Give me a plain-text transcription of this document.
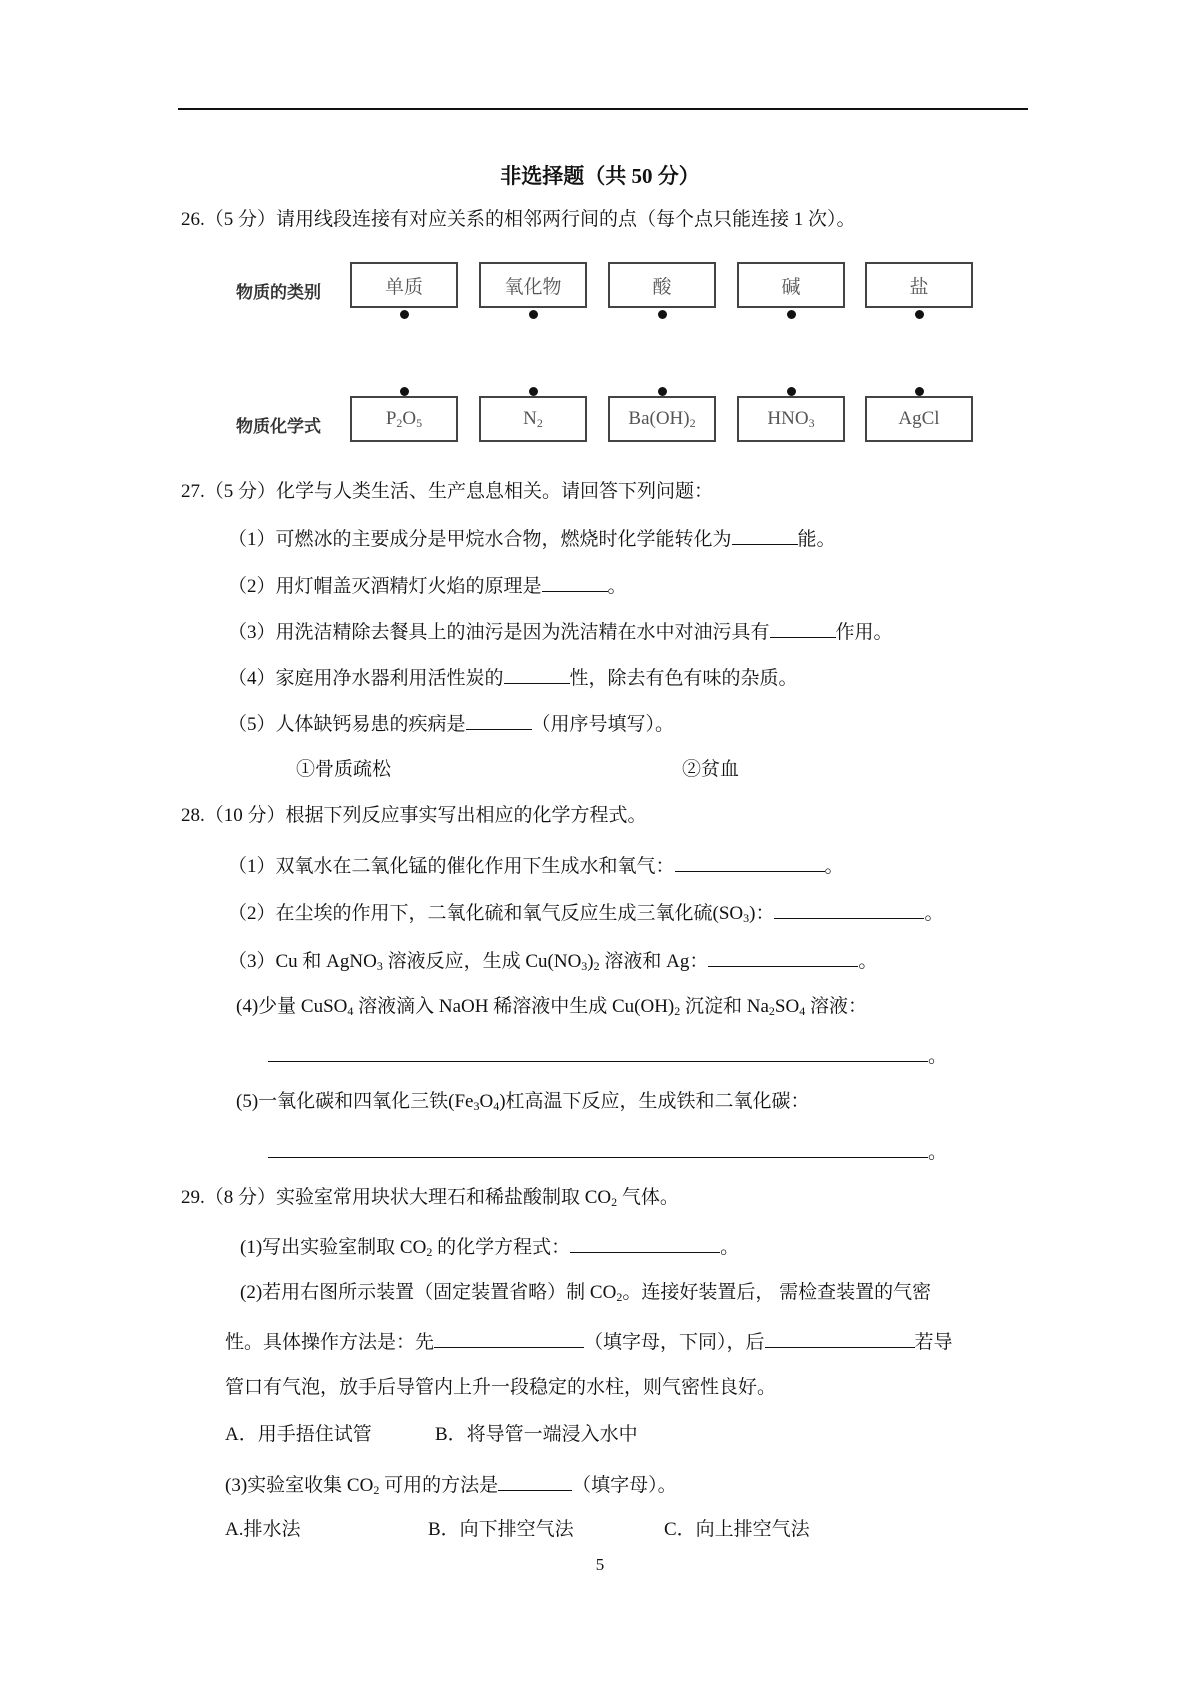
非选择题（共 50 分）
26.（5 分）请用线段连接有对应关系的相邻两行间的点（每个点只能连接 1 次）。
物质的类别
物质化学式
单质	氧化物	酸	碱	盐
$P_2O_5$	$N_2$	$Ba(OH)_2$	$HNO_3$	AgCl
27.（5 分）化学与人类生活、生产息息相关。请回答下列问题：
（1）可燃冰的主要成分是甲烷水合物，燃烧时化学能转化为	能。
（2）用灯帽盖灭酒精灯火焰的原理是	。
（3）用洗洁精除去餐具上的油污是因为洗洁精在水中对油污具有	作用。
（4）家庭用净水器利用活性炭的	性，除去有色有味的杂质。
（5）人体缺钙易患的疾病是	（用序号填写）。
①骨质疏松	②贫血
28.（10 分）根据下列反应事实写出相应的化学方程式。
（1）双氧水在二氧化锰的催化作用下生成水和氧气：	。
（2）在尘埃的作用下，二氧化硫和氧气反应生成三氧化硫$(SO_3)$：	。
（3）Cu 和 AgNO$_3$ 溶液反应，生成 $Cu(NO_3)_2$ 溶液和 Ag：	。
(4)少量 CuSO$_4$ 溶液滴入 NaOH 稀溶液中生成 $Cu(OH)_2$ 沉淀和 $Na_2SO_4$ 溶液：
。
(5)一氧化碳和四氧化三铁$(Fe_3O_4)$杠高温下反应，生成铁和二氧化碳：
。
29.（8 分）实验室常用块状大理石和稀盐酸制取 $CO_2$ 气体。
(1)写出实验室制取 $CO_2$ 的化学方程式：	。
(2)若用右图所示装置（固定装置省略）制 $CO_2$。连接好装置后， 需检查装置的气密
性。具体操作方法是：先	（填字母，下同），后	若导
管口有气泡，放手后导管内上升一段稳定的水柱，则气密性良好。
A．用手捂住试管	B．将导管一端浸入水中
(3)实验室收集 $CO_2$ 可用的方法是	（填字母）。
A.排水法	B．向下排空气法	C．向上排空气法
5
